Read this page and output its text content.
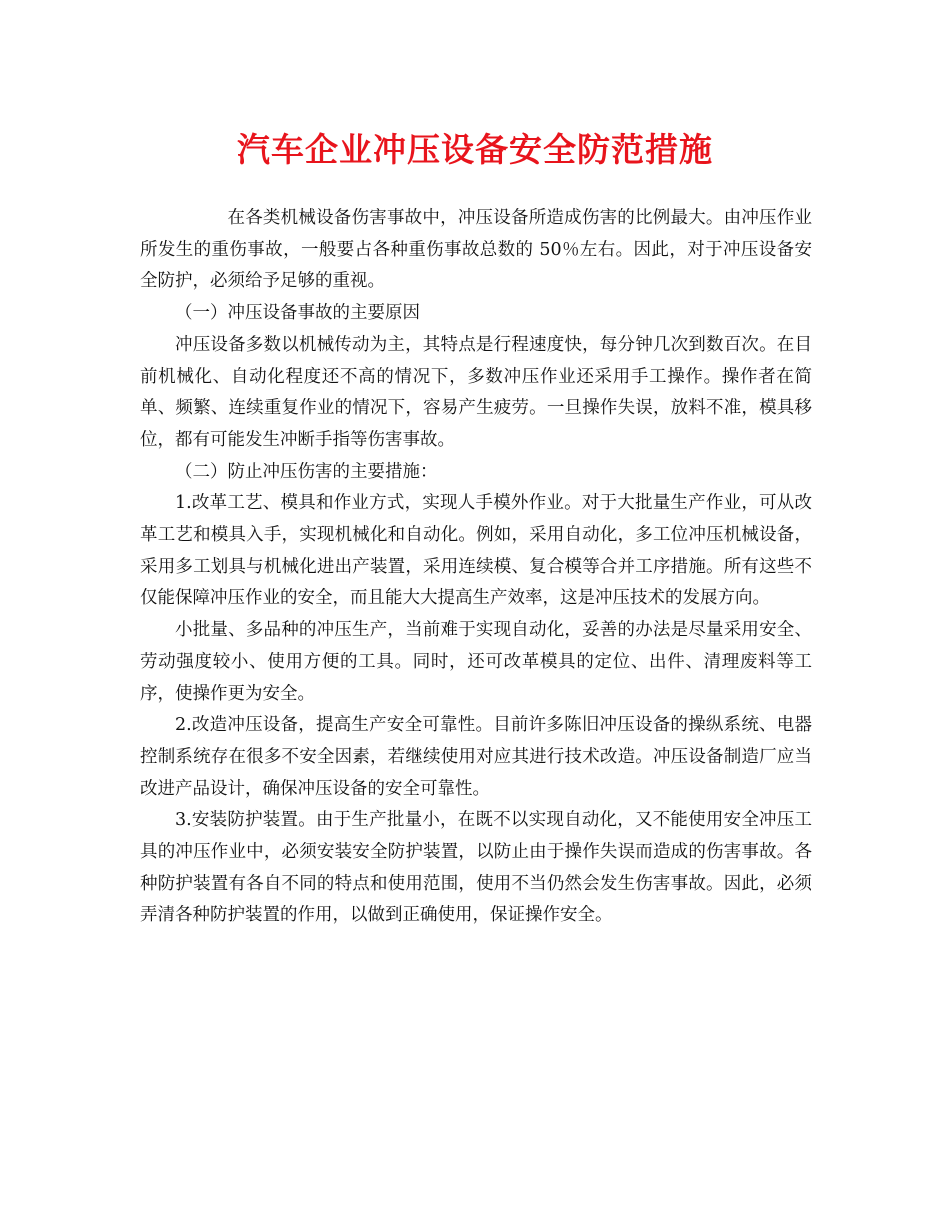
汽车企业冲压设备安全防范措施

在各类机械设备伤害事故中，冲压设备所造成伤害的比例最大。由冲压作业所发生的重伤事故，一般要占各种重伤事故总数的 50％左右。因此，对于冲压设备安全防护，必须给予足够的重视。

（一）冲压设备事故的主要原因

冲压设备多数以机械传动为主，其特点是行程速度快，每分钟几次到数百次。在目前机械化、自动化程度还不高的情况下，多数冲压作业还采用手工操作。操作者在简单、频繁、连续重复作业的情况下，容易产生疲劳。一旦操作失误，放料不准，模具移位，都有可能发生冲断手指等伤害事故。

（二）防止冲压伤害的主要措施：

1.改革工艺、模具和作业方式，实现人手模外作业。对于大批量生产作业，可从改革工艺和模具入手，实现机械化和自动化。例如，采用自动化，多工位冲压机械设备，采用多工划具与机械化进出产装置，采用连续模、复合模等合并工序措施。所有这些不仅能保障冲压作业的安全，而且能大大提高生产效率，这是冲压技术的发展方向。

小批量、多品种的冲压生产，当前难于实现自动化，妥善的办法是尽量采用安全、劳动强度较小、使用方便的工具。同时，还可改革模具的定位、出件、清理废料等工序，使操作更为安全。

2.改造冲压设备，提高生产安全可靠性。目前许多陈旧冲压设备的操纵系统、电器控制系统存在很多不安全因素，若继续使用对应其进行技术改造。冲压设备制造厂应当改进产品设计，确保冲压设备的安全可靠性。

3.安装防护装置。由于生产批量小，在既不以实现自动化，又不能使用安全冲压工具的冲压作业中，必须安装安全防护装置，以防止由于操作失误而造成的伤害事故。各种防护装置有各自不同的特点和使用范围，使用不当仍然会发生伤害事故。因此，必须弄清各种防护装置的作用，以做到正确使用，保证操作安全。
